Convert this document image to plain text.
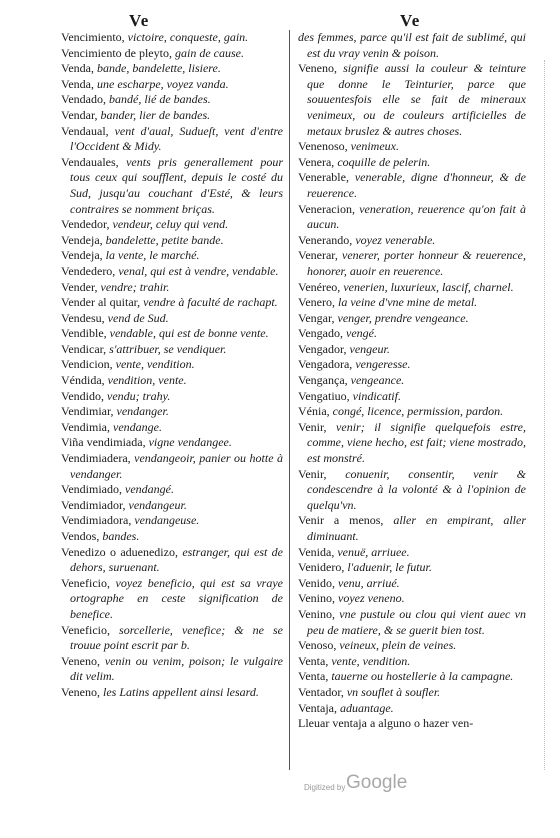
Ve	Ve

Vencimiento, victoire, conqueste, gain.

Vencimiento de pleyto, gain de cause.

Venda, bande, bandelette, lisiere.

Venda, une escharpe, voyez vanda.

Vendado, bandé, lié de bandes.

Vendar, bander, lier de bandes.

Vendaual, vent d'aual, Sudueſt, vent d'entre l'Occident & Midy.

Vendauales, vents pris generallement pour tous ceux qui soufflent, depuis le costé du Sud, jusqu'au couchant d'Esté, & leurs contraires se nomment briças.

Vendedor, vendeur, celuy qui vend.

Vendeja, bandelette, petite bande.

Vendeja, la vente, le marché.

Vendedero, venal, qui est à vendre, vendable.

Vender, vendre; trahir.

Vender al quitar, vendre à faculté de rachapt.

Vendesu, vend de Sud.

Vendible, vendable, qui est de bonne vente.

Vendicar, s'attribuer, se vendiquer.

Vendicion, vente, vendition.

Véndida, vendition, vente.

Vendido, vendu; trahy.

Vendimiar, vendanger.

Vendimia, vendange.

Viña vendimiada, vigne vendangee.

Vendimiadera, vendangeoir, panier ou hotte à vendanger.

Vendimiado, vendangé.

Vendimiador, vendangeur.

Vendimiadora, vendangeuse.

Vendos, bandes.

Venedizo o aduenedizo, estranger, qui est de dehors, suruenant.

Veneficio, voyez beneficio, qui est sa vraye ortographe en ceste signification de benefice.

Veneficio, sorcellerie, venefice; & ne se trouue point escrit par b.

Veneno, venin ou venim, poison; le vulgaire dit velim.

Veneno, les Latins appellent ainsi lesard.

des femmes, parce qu'il est fait de sublimé, qui est du vray venin & poison.

Veneno, signifie aussi la couleur & teinture que donne le Teinturier, parce que souuentesfois elle se fait de mineraux venimeux, ou de couleurs artificielles de metaux bruslez & autres choses.

Venenoso, venimeux.

Venera, coquille de pelerin.

Venerable, venerable, digne d'honneur, & de reuerence.

Veneracion, veneration, reuerence qu'on fait à aucun.

Venerando, voyez venerable.

Venerar, venerer, porter honneur & reuerence, honorer, auoir en reuerence.

Venéreo, venerien, luxurieux, lascif, charnel.

Venero, la veine d'vne mine de metal.

Vengar, venger, prendre vengeance.

Vengado, vengé.

Vengador, vengeur.

Vengadora, vengeresse.

Vengança, vengeance.

Vengatiuo, vindicatif.

Vénia, congé, licence, permission, pardon.

Venir, venir; il signifie quelquefois estre, comme, viene hecho, est fait; viene mostrado, est monstré.

Venir, conuenir, consentir, venir & condescendre à la volonté & à l'opinion de quelqu'vn.

Venir a menos, aller en empirant, aller diminuant.

Venida, venuë, arriuee.

Venidero, l'aduenir, le futur.

Venido, venu, arriué.

Venino, voyez veneno.

Venino, vne pustule ou clou qui vient auec vn peu de matiere, & se guerit bien tost.

Venoso, veineux, plein de veines.

Venta, vente, vendition.

Venta, tauerne ou hostellerie à la campagne.

Ventador, vn souflet à soufler.

Ventaja, aduantage.

Lleuar ventaja a alguno o hazer ven-

Digitized by Google
